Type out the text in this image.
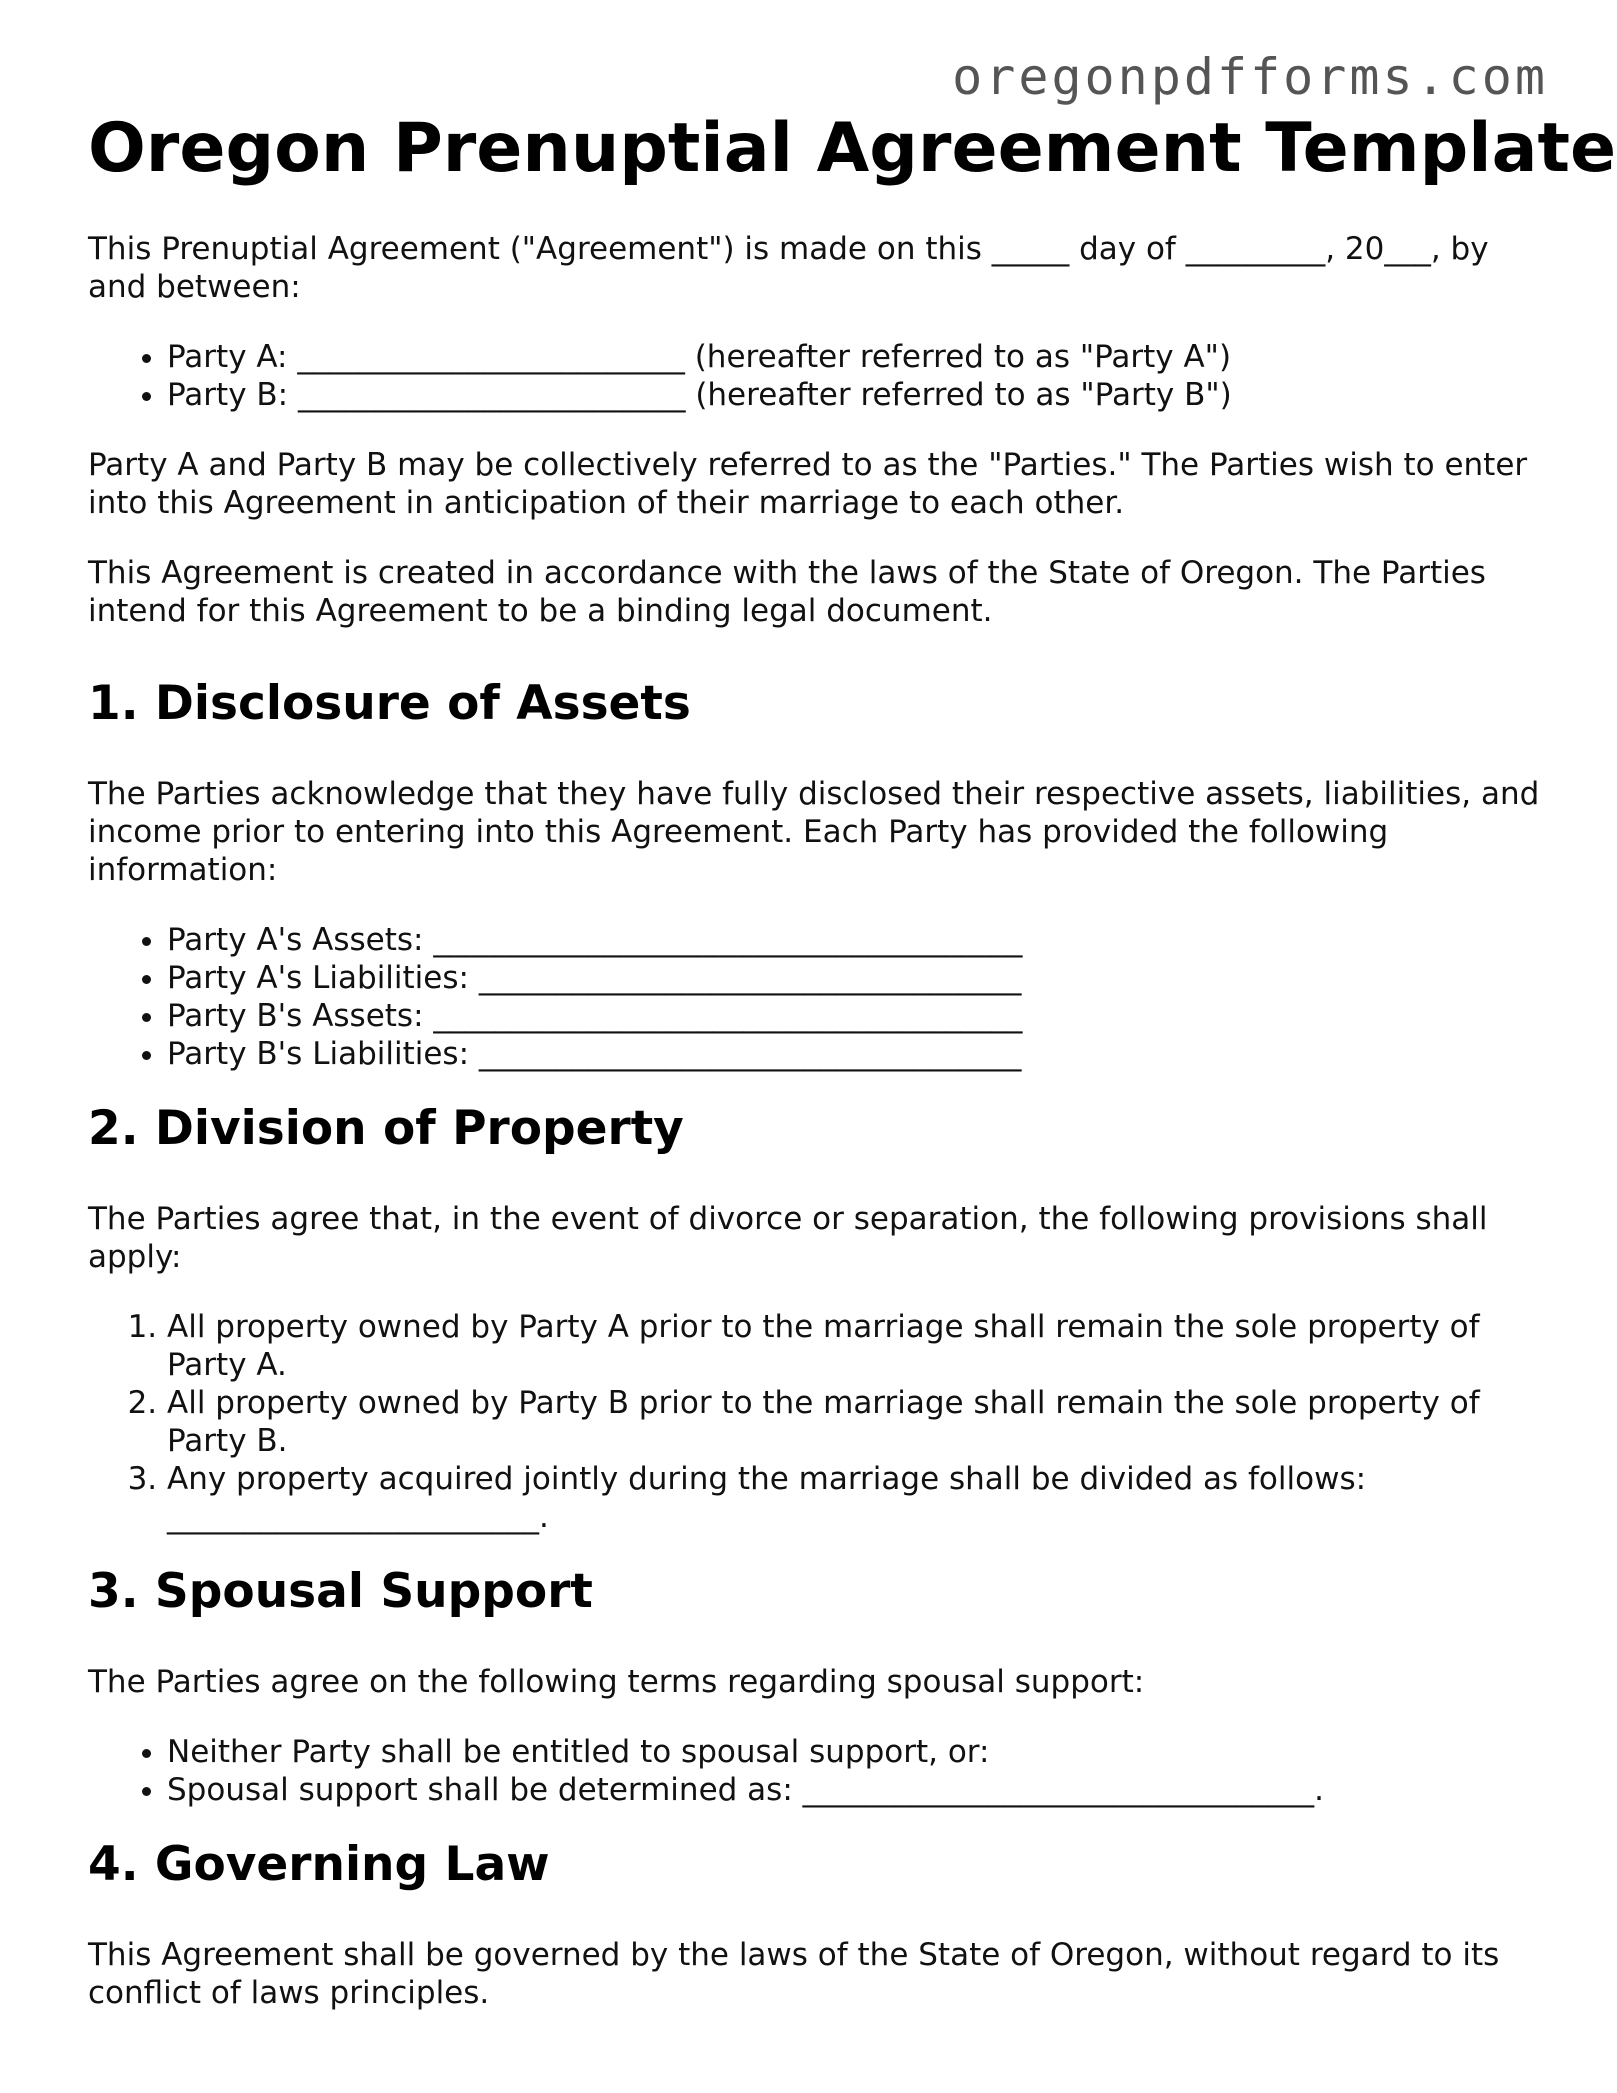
oregonpdfforms.com
Oregon Prenuptial Agreement Template

This Prenuptial Agreement ("Agreement") is made on this _____ day of _________, 20___, by and between:

• Party A: _________________________ (hereafter referred to as "Party A")
• Party B: _________________________ (hereafter referred to as "Party B")

Party A and Party B may be collectively referred to as the "Parties." The Parties wish to enter into this Agreement in anticipation of their marriage to each other.

This Agreement is created in accordance with the laws of the State of Oregon. The Parties intend for this Agreement to be a binding legal document.

1. Disclosure of Assets

The Parties acknowledge that they have fully disclosed their respective assets, liabilities, and income prior to entering into this Agreement. Each Party has provided the following information:

• Party A's Assets: ______________________________________
• Party A's Liabilities: ___________________________________
• Party B's Assets: ______________________________________
• Party B's Liabilities: ___________________________________
2. Division of Property

The Parties agree that, in the event of divorce or separation, the following provisions shall apply:

1. All property owned by Party A prior to the marriage shall remain the sole property of Party A.
2. All property owned by Party B prior to the marriage shall remain the sole property of Party B.
3. Any property acquired jointly during the marriage shall be divided as follows: ________________________.
3. Spousal Support

The Parties agree on the following terms regarding spousal support:

• Neither Party shall be entitled to spousal support, or:
• Spousal support shall be determined as: _________________________________.
4. Governing Law

This Agreement shall be governed by the laws of the State of Oregon, without regard to its conflict of laws principles.
